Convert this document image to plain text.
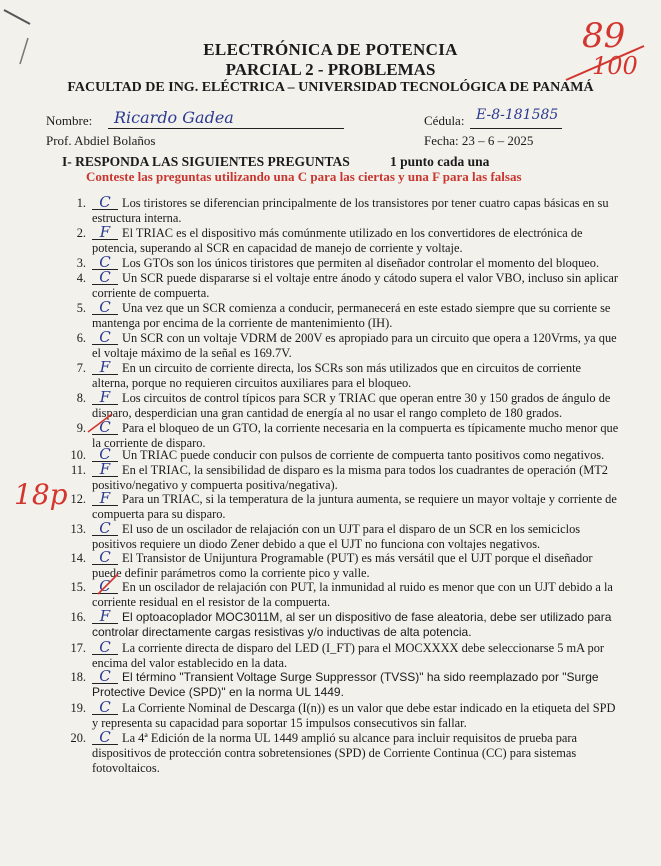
ELECTRÓNICA DE POTENCIA
PARCIAL 2 - PROBLEMAS
FACULTAD DE ING. ELÉCTRICA – UNIVERSIDAD TECNOLÓGICA DE PANAMÁ
89
100
Nombre: Ricardo Gadea	Cédula: E-8-181585
Prof. Abdiel Bolaños	Fecha: 23 – 6 – 2025
I- RESPONDA LAS SIGUIENTES PREGUNTAS	1 punto cada una
Conteste las preguntas utilizando una C para las ciertas y una F para las falsas
18p
1. C Los tiristores se diferencian principalmente de los transistores por tener cuatro capas básicas en su estructura interna.
2. F El TRIAC es el dispositivo más comúnmente utilizado en los convertidores de electrónica de potencia, superando al SCR en capacidad de manejo de corriente y voltaje.
3. C Los GTOs son los únicos tiristores que permiten al diseñador controlar el momento del bloqueo.
4. C Un SCR puede dispararse si el voltaje entre ánodo y cátodo supera el valor VBO, incluso sin aplicar corriente de compuerta.
5. C Una vez que un SCR comienza a conducir, permanecerá en este estado siempre que su corriente se mantenga por encima de la corriente de mantenimiento (IH).
6. C Un SCR con un voltaje VDRM de 200V es apropiado para un circuito que opera a 120Vrms, ya que el voltaje máximo de la señal es 169.7V.
7. F En un circuito de corriente directa, los SCRs son más utilizados que en circuitos de corriente alterna, porque no requieren circuitos auxiliares para el bloqueo.
8. F Los circuitos de control típicos para SCR y TRIAC que operan entre 30 y 150 grados de ángulo de disparo, desperdician una gran cantidad de energía al no usar el rango completo de 180 grados.
9. C Para el bloqueo de un GTO, la corriente necesaria en la compuerta es típicamente mucho menor que la corriente de disparo.
10. C Un TRIAC puede conducir con pulsos de corriente de compuerta tanto positivos como negativos.
11. F En el TRIAC, la sensibilidad de disparo es la misma para todos los cuadrantes de operación (MT2 positivo/negativo y compuerta positiva/negativa).
12. F Para un TRIAC, si la temperatura de la juntura aumenta, se requiere un mayor voltaje y corriente de compuerta para su disparo.
13. C El uso de un oscilador de relajación con un UJT para el disparo de un SCR en los semiciclos positivos requiere un diodo Zener debido a que el UJT no funciona con voltajes negativos.
14. C El Transistor de Unijuntura Programable (PUT) es más versátil que el UJT porque el diseñador puede definir parámetros como la corriente pico y valle.
15. C En un oscilador de relajación con PUT, la inmunidad al ruido es menor que con un UJT debido a la corriente residual en el resistor de la compuerta.
16. F El optoacoplador MOC3011M, al ser un dispositivo de fase aleatoria, debe ser utilizado para controlar directamente cargas resistivas y/o inductivas de alta potencia.
17. C La corriente directa de disparo del LED (I_FT) para el MOCXXXX debe seleccionarse 5 mA por encima del valor establecido en la data.
18. C El término "Transient Voltage Surge Suppressor (TVSS)" ha sido reemplazado por "Surge Protective Device (SPD)" en la norma UL 1449.
19. C La Corriente Nominal de Descarga (I(n)) es un valor que debe estar indicado en la etiqueta del SPD y representa su capacidad para soportar 15 impulsos consecutivos sin fallar.
20. C La 4ª Edición de la norma UL 1449 amplió su alcance para incluir requisitos de prueba para dispositivos de protección contra sobretensiones (SPD) de Corriente Continua (CC) para sistemas fotovoltaicos.
